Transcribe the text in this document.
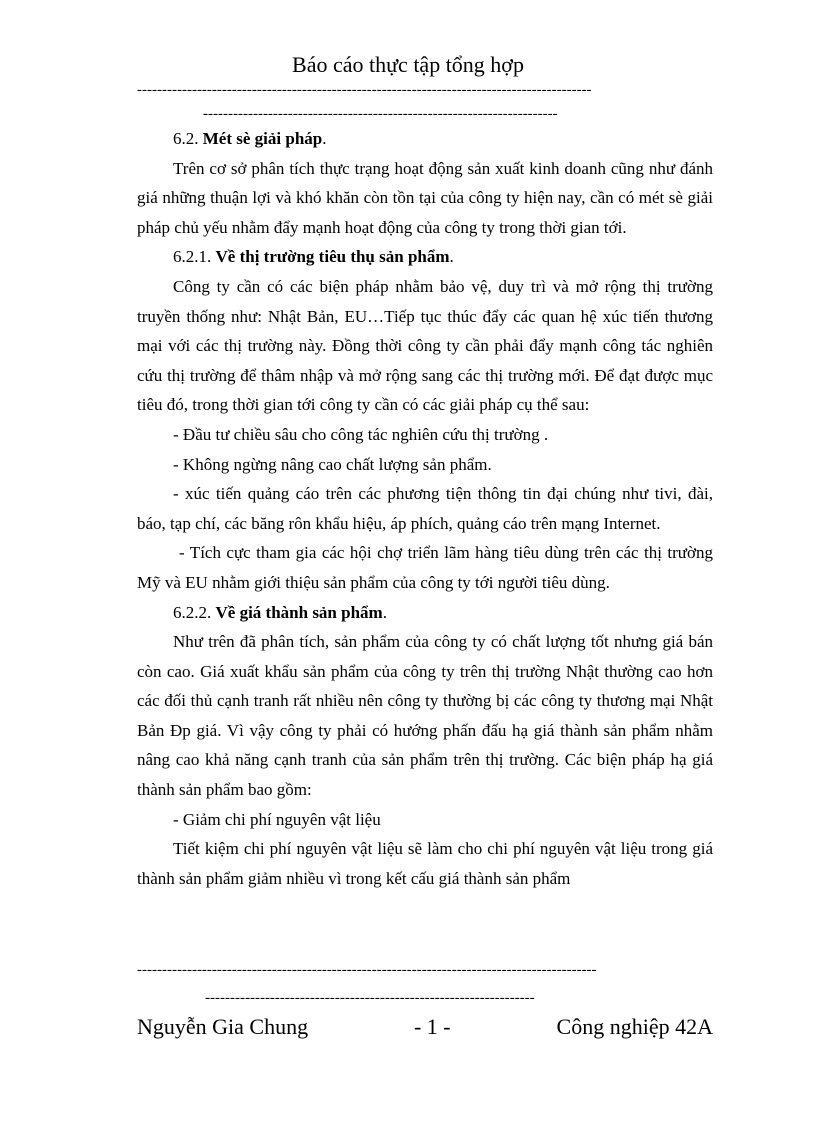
Báo cáo thực tập tổng hợp
-------------------------------------------------------------------------------------------
-----------------------------------------------------------------------

6.2. Mét sè giải pháp.

Trên cơ sở phân tích thực trạng hoạt động sản xuất kinh doanh cũng như đánh giá những thuận lợi và khó khăn còn tồn tại của công ty hiện nay, cần có mét sè giải pháp chủ yếu nhằm đẩy mạnh hoạt động của công ty trong thời gian tới.

6.2.1. Về thị trường tiêu thụ sản phẩm.

Công ty cần có các biện pháp nhằm bảo vệ, duy trì và mở rộng thị trường truyền thống như: Nhật Bản, EU…Tiếp tục thúc đẩy các quan hệ xúc tiến thương mại với các thị trường này. Đồng thời công ty cần phải đẩy mạnh công tác nghiên cứu thị trường để thâm nhập và mở rộng sang các thị trường mới. Để đạt được mục tiêu đó, trong thời gian tới công ty cần có các giải pháp cụ thể sau:

- Đầu tư chiều sâu cho công tác nghiên cứu thị trường .

- Không ngừng nâng cao chất lượng sản phẩm.

- xúc tiến quảng cáo trên các phương tiện thông tin đại chúng như tivi, đài, báo, tạp chí, các băng rôn khẩu hiệu, áp phích, quảng cáo trên mạng Internet.

- Tích cực tham gia các hội chợ triển lãm hàng tiêu dùng trên các thị trường Mỹ và EU nhằm giới thiệu sản phẩm của công ty tới người tiêu dùng.

6.2.2. Về giá thành sản phẩm.

Như trên đã phân tích, sản phẩm của công ty có chất lượng tốt nhưng giá bán còn cao. Giá xuất khẩu sản phẩm của công ty trên thị trường Nhật thường cao hơn các đối thủ cạnh tranh rất nhiều nên công ty thường bị các công ty thương mại Nhật Bản Ðp giá. Vì vậy công ty phải có hướng phấn đấu hạ giá thành sản phẩm nhằm nâng cao khả năng cạnh tranh của sản phẩm trên thị trường. Các biện pháp hạ giá thành sản phẩm bao gồm:

- Giảm chi phí nguyên vật liệu

Tiết kiệm chi phí nguyên vật liệu sẽ làm cho chi phí nguyên vật liệu trong giá thành sản phẩm giảm nhiều vì trong kết cấu giá thành sản phẩm

--------------------------------------------------------------------------------------------
------------------------------------------------------------------
Nguyễn Gia Chung	- 1 -	Công nghiệp 42A
